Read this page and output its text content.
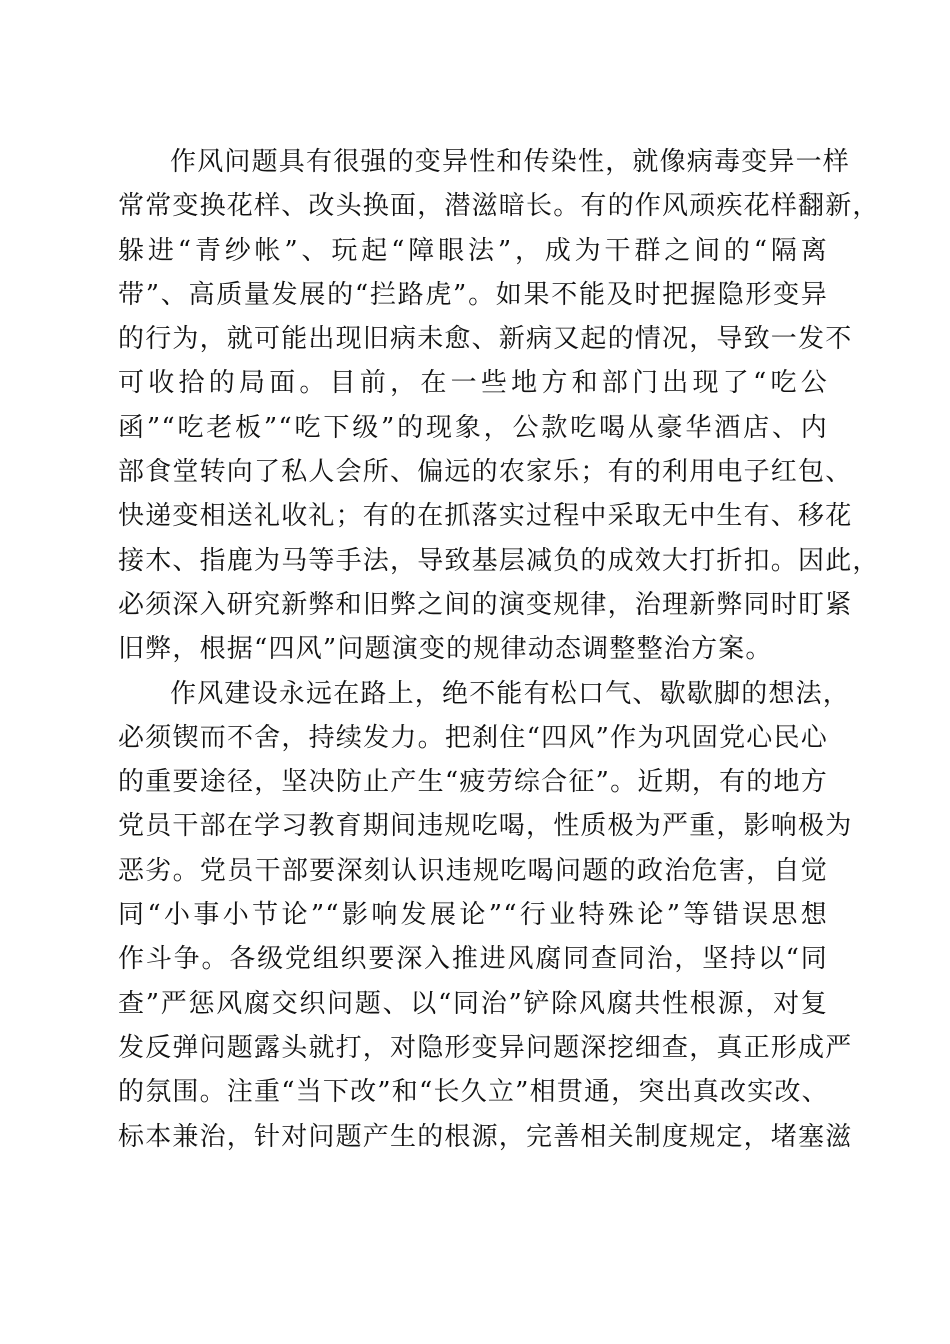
作风问题具有很强的变异性和传染性，就像病毒变异一样
常常变换花样、改头换面，潜滋暗长。有的作风顽疾花样翻新，
躲进“青纱帐”、玩起“障眼法”，成为干群之间的“隔离
带”、高质量发展的“拦路虎”。如果不能及时把握隐形变异
的行为，就可能出现旧病未愈、新病又起的情况，导致一发不
可收拾的局面。目前，在一些地方和部门出现了“吃公
函”“吃老板”“吃下级”的现象，公款吃喝从豪华酒店、内
部食堂转向了私人会所、偏远的农家乐；有的利用电子红包、
快递变相送礼收礼；有的在抓落实过程中采取无中生有、移花
接木、指鹿为马等手法，导致基层减负的成效大打折扣。因此，
必须深入研究新弊和旧弊之间的演变规律，治理新弊同时盯紧
旧弊，根据“四风”问题演变的规律动态调整整治方案。
作风建设永远在路上，绝不能有松口气、歇歇脚的想法，
必须锲而不舍，持续发力。把刹住“四风”作为巩固党心民心
的重要途径，坚决防止产生“疲劳综合征”。近期，有的地方
党员干部在学习教育期间违规吃喝，性质极为严重，影响极为
恶劣。党员干部要深刻认识违规吃喝问题的政治危害，自觉
同“小事小节论”“影响发展论”“行业特殊论”等错误思想
作斗争。各级党组织要深入推进风腐同查同治，坚持以“同
查”严惩风腐交织问题、以“同治”铲除风腐共性根源，对复
发反弹问题露头就打，对隐形变异问题深挖细查，真正形成严
的氛围。注重“当下改”和“长久立”相贯通，突出真改实改、
标本兼治，针对问题产生的根源，完善相关制度规定，堵塞滋
